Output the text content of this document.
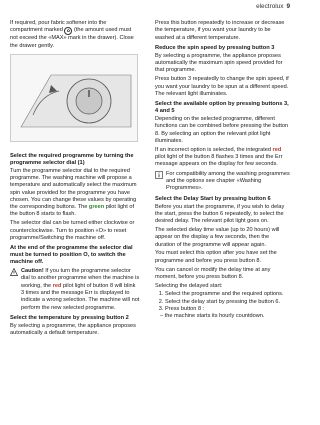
electrolux 9

If required, pour fabric softener into the compartment marked ✿ (the amount used must not exceed the «MAX» mark in the drawer). Close the drawer gently.

Select the required programme by turning the programme selector dial (1)

Turn the programme selector dial to the required programme. The washing machine will propose a temperature and automatically select the maximum spin value provided for the programme you have chosen. You can change these values by operating the corresponding buttons. The green pilot light of the button 8 starts to flash.

The selector dial can be turned either clockwise or counterclockwise. Turn to position «O» to reset programme/Switching the machine off.

At the end of the programme the selector dial must be turned to position O, to switch the machine off.
Caution! If you turn the programme selector dial to another programme when the machine is working, the red pilot light of button 8 will blink 3 times and the message Err is displayed to indicate a wrong selection. The machine will not perform the new selected programme.
Select the temperature by pressing button 2

By selecting a programme, the appliance proposes automatically a default temperature.

Press this button repeatedly to increase or decrease the temperature, if you want your laundry to be washed at a different temperature.

Reduce the spin speed by pressing button 3

By selecting a programme, the appliance proposes automatically the maximum spin speed provided for that programme.

Press button 3 repeatedly to change the spin speed, if you want your laundry to be spun at a different speed. The relevant light illuminates.

Select the available option by pressing buttons 3, 4 and 5

Depending on the selected programme, different functions can be combined before pressing the button 8. By selecting an option the relevant pilot light illuminates.

If an incorrect option is selected, the integrated red pilot light of the button 8 flashes 3 times and the Err message appears on the display for few seconds.

For compatibility among the washing programmes and the options see chapter «Washing Programmes».
Select the Delay Start by pressing button 6

Before you start the programme, if you wish to delay the start, press the button 6 repeatedly, to select the desired delay. The relevant pilot light goes on.

The selected delay time value (up to 20 hours) will appear on the display a few seconds, then the duration of the programme will appear again.

You must select this option after you have set the programme and before you press button 8.

You can cancel or modify the delay time at any moment, before you press button 8.

Selecting the delayed start:

1. Select the programme and the required options.
2. Select the delay start by pressing the button 6.
3. Press button 8 :
– the machine starts its hourly countdown.
